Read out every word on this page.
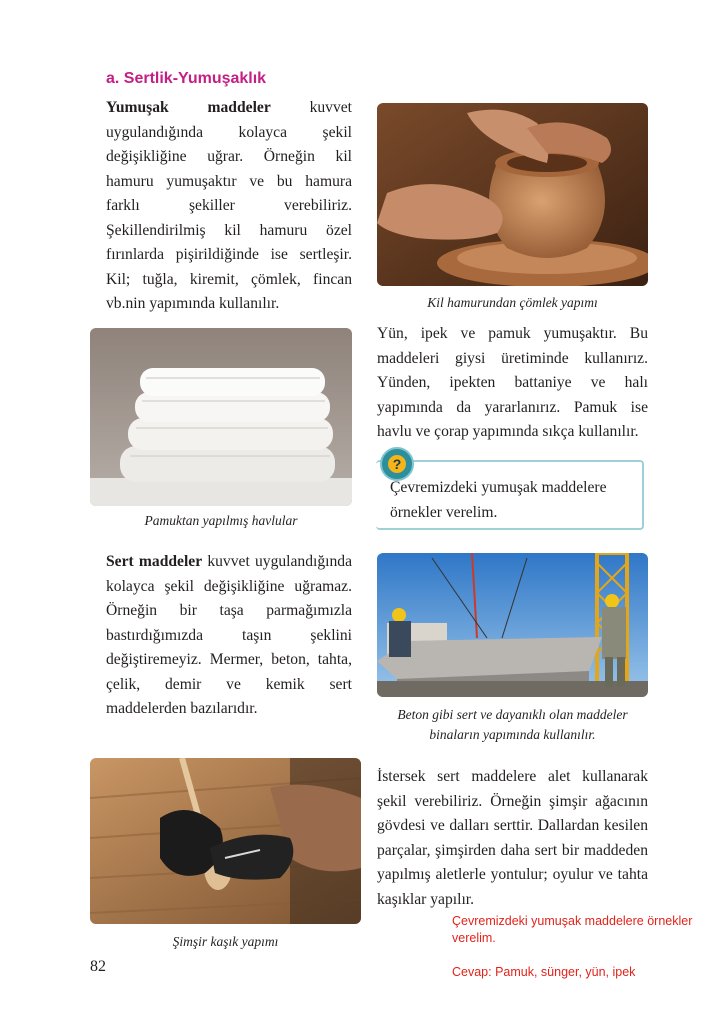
a. Sertlik-Yumuşaklık
Yumuşak maddeler kuvvet uygulandığında kolayca şekil değişikliğine uğrar. Örneğin kil hamuru yumuşaktır ve bu hamura farklı şekiller verebiliriz. Şekillendirilmiş kil hamuru özel fırınlarda pişirildiğinde ise sertleşir. Kil; tuğla, kiremit, çömlek, fincan vb.nin yapımında kullanılır.	Kil hamurundan çömlek yapımı
Yün, ipek ve pamuk yumuşaktır. Bu maddeleri giysi üretiminde kullanırız. Yünden, ipekten battaniye ve halı yapımında da yararlanırız. Pamuk ise havlu ve çorap yapımında sıkça kullanılır.
Pamuktan yapılmış havlular
?
Çevremizdeki yumuşak maddelere örnekler verelim.
Sert maddeler kuvvet uygulandığında kolayca şekil değişikliğine uğramaz. Örneğin bir taşa parmağımızla bastırdığımızda taşın şeklini değiştiremeyiz. Mermer, beton, tahta, çelik, demir ve kemik sert maddelerden bazılarıdır.	Beton gibi sert ve dayanıklı olan maddeler
binaların yapımında kullanılır.
İstersek sert maddelere alet kullanarak şekil verebiliriz. Örneğin şimşir ağacının gövdesi ve dalları serttir. Dallardan kesilen parçalar, şimşirden daha sert bir maddeden yapılmış aletlerle yontulur; oyulur ve tahta kaşıklar yapılır.
Şimşir kaşık yapımı
Çevremizdeki yumuşak maddelere örnekler verelim.
Cevap: Pamuk, sünger, yün, ipek
82
